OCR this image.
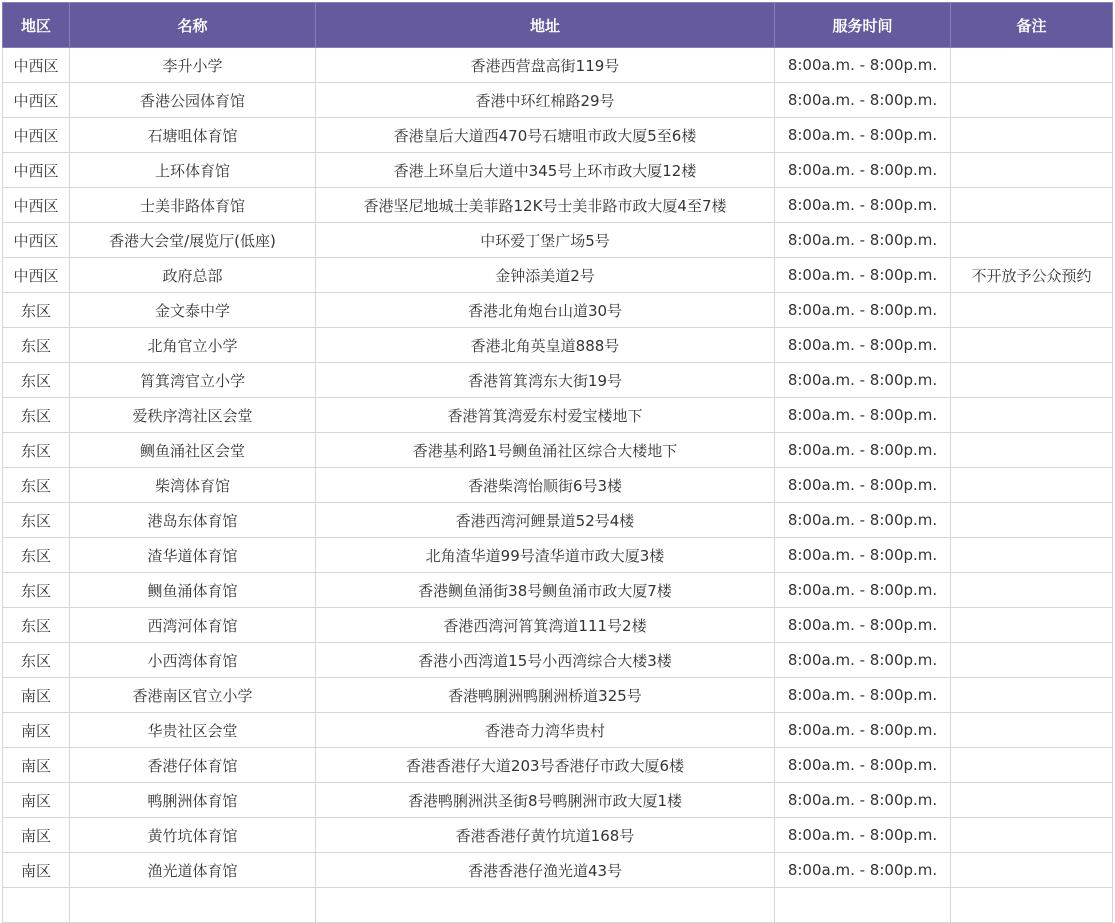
地区	名称	地址	服务时间	备注
中西区	李升小学	香港西营盘高街119号	8:00a.m. - 8:00p.m.	
中西区	香港公园体育馆	香港中环红棉路29号	8:00a.m. - 8:00p.m.	
中西区	石塘咀体育馆	香港皇后大道西470号石塘咀市政大厦5至6楼	8:00a.m. - 8:00p.m.	
中西区	上环体育馆	香港上环皇后大道中345号上环市政大厦12楼	8:00a.m. - 8:00p.m.	
中西区	士美非路体育馆	香港坚尼地城士美菲路12K号士美非路市政大厦4至7楼	8:00a.m. - 8:00p.m.	
中西区	香港大会堂/展览厅(低座)	中环爱丁堡广场5号	8:00a.m. - 8:00p.m.	
中西区	政府总部	金钟添美道2号	8:00a.m. - 8:00p.m.	不开放予公众预约
东区	金文泰中学	香港北角炮台山道30号	8:00a.m. - 8:00p.m.	
东区	北角官立小学	香港北角英皇道888号	8:00a.m. - 8:00p.m.	
东区	筲箕湾官立小学	香港筲箕湾东大街19号	8:00a.m. - 8:00p.m.	
东区	爱秩序湾社区会堂	香港筲箕湾爱东村爱宝楼地下	8:00a.m. - 8:00p.m.	
东区	鲗鱼涌社区会堂	香港基利路1号鲗鱼涌社区综合大楼地下	8:00a.m. - 8:00p.m.	
东区	柴湾体育馆	香港柴湾怡顺街6号3楼	8:00a.m. - 8:00p.m.	
东区	港岛东体育馆	香港西湾河鲤景道52号4楼	8:00a.m. - 8:00p.m.	
东区	渣华道体育馆	北角渣华道99号渣华道市政大厦3楼	8:00a.m. - 8:00p.m.	
东区	鲗鱼涌体育馆	香港鲗鱼涌街38号鲗鱼涌市政大厦7楼	8:00a.m. - 8:00p.m.	
东区	西湾河体育馆	香港西湾河筲箕湾道111号2楼	8:00a.m. - 8:00p.m.	
东区	小西湾体育馆	香港小西湾道15号小西湾综合大楼3楼	8:00a.m. - 8:00p.m.	
南区	香港南区官立小学	香港鸭脷洲鸭脷洲桥道325号	8:00a.m. - 8:00p.m.	
南区	华贵社区会堂	香港奇力湾华贵村	8:00a.m. - 8:00p.m.	
南区	香港仔体育馆	香港香港仔大道203号香港仔市政大厦6楼	8:00a.m. - 8:00p.m.	
南区	鸭脷洲体育馆	香港鸭脷洲洪圣街8号鸭脷洲市政大厦1楼	8:00a.m. - 8:00p.m.	
南区	黄竹坑体育馆	香港香港仔黄竹坑道168号	8:00a.m. - 8:00p.m.	
南区	渔光道体育馆	香港香港仔渔光道43号	8:00a.m. - 8:00p.m.	
